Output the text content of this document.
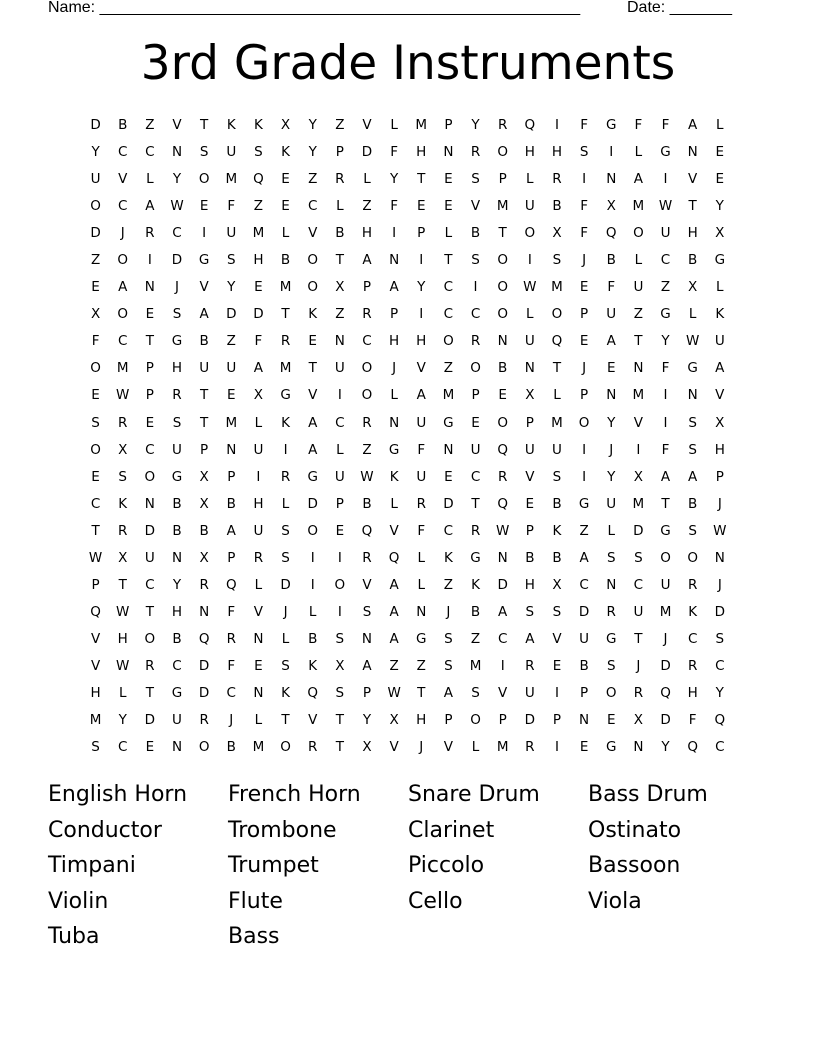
Name: ______________________________________________________	Date: _______
3rd Grade Instruments
D	B	Z	V	T	K	K	X	Y	Z	V	L	M	P	Y	R	Q	I	F	G	F	F	A	L
Y	C	C	N	S	U	S	K	Y	P	D	F	H	N	R	O	H	H	S	I	L	G	N	E
U	V	L	Y	O	M	Q	E	Z	R	L	Y	T	E	S	P	L	R	I	N	A	I	V	E
O	C	A	W	E	F	Z	E	C	L	Z	F	E	E	V	M	U	B	F	X	M	W	T	Y
D	J	R	C	I	U	M	L	V	B	H	I	P	L	B	T	O	X	F	Q	O	U	H	X
Z	O	I	D	G	S	H	B	O	T	A	N	I	T	S	O	I	S	J	B	L	C	B	G
E	A	N	J	V	Y	E	M	O	X	P	A	Y	C	I	O	W	M	E	F	U	Z	X	L
X	O	E	S	A	D	D	T	K	Z	R	P	I	C	C	O	L	O	P	U	Z	G	L	K
F	C	T	G	B	Z	F	R	E	N	C	H	H	O	R	N	U	Q	E	A	T	Y	W	U
O	M	P	H	U	U	A	M	T	U	O	J	V	Z	O	B	N	T	J	E	N	F	G	A
E	W	P	R	T	E	X	G	V	I	O	L	A	M	P	E	X	L	P	N	M	I	N	V
S	R	E	S	T	M	L	K	A	C	R	N	U	G	E	O	P	M	O	Y	V	I	S	X
O	X	C	U	P	N	U	I	A	L	Z	G	F	N	U	Q	U	U	I	J	I	F	S	H
E	S	O	G	X	P	I	R	G	U	W	K	U	E	C	R	V	S	I	Y	X	A	A	P
C	K	N	B	X	B	H	L	D	P	B	L	R	D	T	Q	E	B	G	U	M	T	B	J
T	R	D	B	B	A	U	S	O	E	Q	V	F	C	R	W	P	K	Z	L	D	G	S	W
W	X	U	N	X	P	R	S	I	I	R	Q	L	K	G	N	B	B	A	S	S	O	O	N
P	T	C	Y	R	Q	L	D	I	O	V	A	L	Z	K	D	H	X	C	N	C	U	R	J
Q	W	T	H	N	F	V	J	L	I	S	A	N	J	B	A	S	S	D	R	U	M	K	D
V	H	O	B	Q	R	N	L	B	S	N	A	G	S	Z	C	A	V	U	G	T	J	C	S
V	W	R	C	D	F	E	S	K	X	A	Z	Z	S	M	I	R	E	B	S	J	D	R	C
H	L	T	G	D	C	N	K	Q	S	P	W	T	A	S	V	U	I	P	O	R	Q	H	Y
M	Y	D	U	R	J	L	T	V	T	Y	X	H	P	O	P	D	P	N	E	X	D	F	Q
S	C	E	N	O	B	M	O	R	T	X	V	J	V	L	M	R	I	E	G	N	Y	Q	C
English Horn	French Horn	Snare Drum	Bass Drum
Conductor	Trombone	Clarinet	Ostinato
Timpani	Trumpet	Piccolo	Bassoon
Violin	Flute	Cello	Viola
Tuba	Bass
